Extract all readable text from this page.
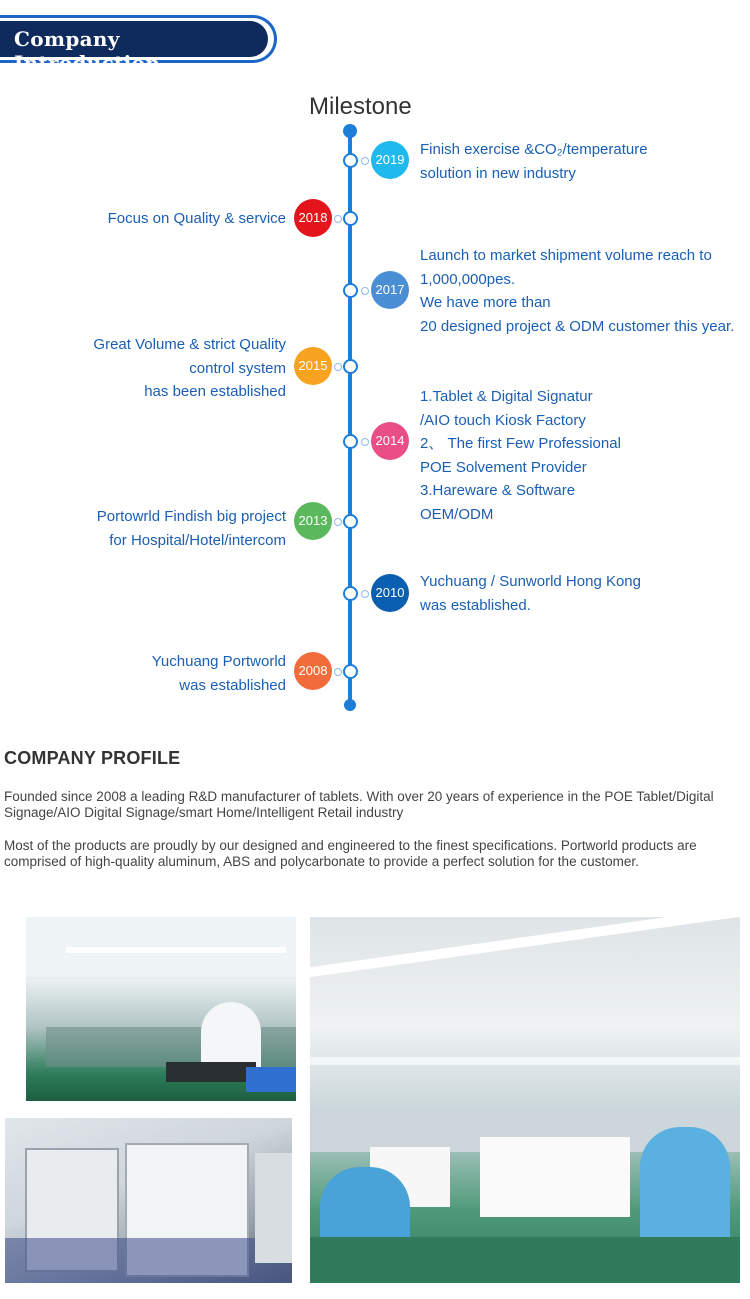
Company Introduction
Milestone
2019
Finish exercise &CO₂/temperature
solution in new industry
2018
Focus on Quality & service
2017
Launch to market shipment volume reach to
1,000,000pes.
We have more than
20 designed project & ODM customer this year.
2015
Great Volume & strict Quality
control system
has been established
2014
1.Tablet & Digital Signatur
/AIO touch Kiosk Factory
2、 The first Few Professional
POE Solvement Provider
3.Hareware & Software
OEM/ODM
2013
Portowrld Findish big project
for Hospital/Hotel/intercom
2010
Yuchuang / Sunworld Hong Kong
was established.
2008
Yuchuang Portworld
was established
COMPANY PROFILE
Founded since 2008 a leading R&D manufacturer of tablets. With over 20 years of experience in the POE Tablet/Digital Signage/AIO Digital Signage/smart Home/Intelligent Retail industry
Most of the products are proudly by our designed and engineered to the finest specifications. Portworld products are comprised of high-quality aluminum, ABS and polycarbonate to provide a perfect solution for the customer.
